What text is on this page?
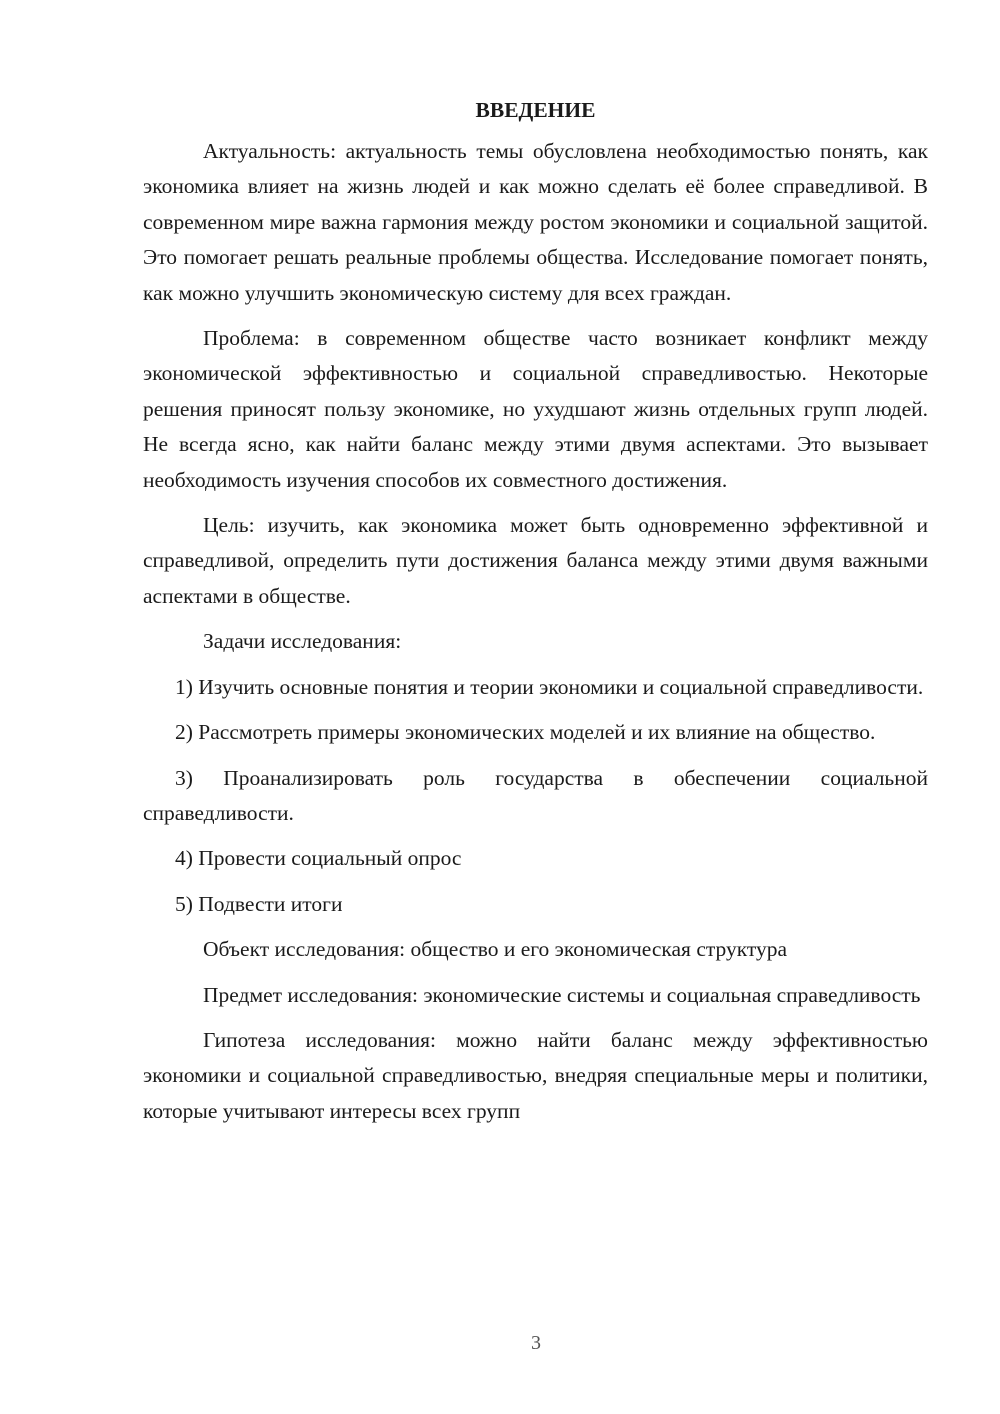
ВВЕДЕНИЕ

Актуальность: актуальность темы обусловлена необходимостью понять, как экономика влияет на жизнь людей и как можно сделать её более справедливой. В современном мире важна гармония между ростом экономики и социальной защитой. Это помогает решать реальные проблемы общества. Исследование помогает понять, как можно улучшить экономическую систему для всех граждан.

Проблема: в современном обществе часто возникает конфликт между экономической эффективностью и социальной справедливостью. Некоторые решения приносят пользу экономике, но ухудшают жизнь отдельных групп людей. Не всегда ясно, как найти баланс между этими двумя аспектами. Это вызывает необходимость изучения способов их совместного достижения.

Цель: изучить, как экономика может быть одновременно эффективной и справедливой, определить пути достижения баланса между этими двумя важными аспектами в обществе.

Задачи исследования:

1) Изучить основные понятия и теории экономики и социальной справедливости.

2) Рассмотреть примеры экономических моделей и их влияние на общество.

3) Проанализировать роль государства в обеспечении социальной справедливости.

4) Провести социальный опрос

5) Подвести итоги

Объект исследования: общество и его экономическая структура

Предмет исследования: экономические системы и социальная справедливость

Гипотеза исследования: можно найти баланс между эффективностью экономики и социальной справедливостью, внедряя специальные меры и политики, которые учитывают интересы всех групп

3
